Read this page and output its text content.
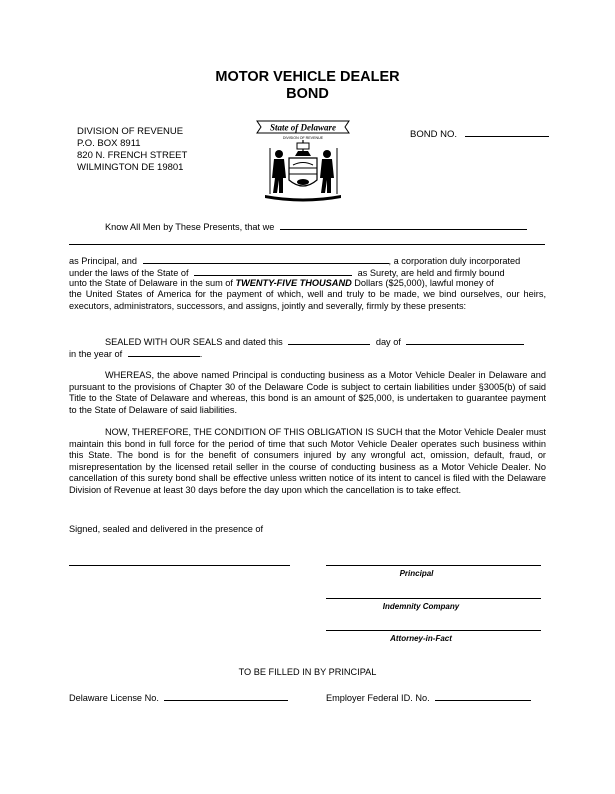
MOTOR VEHICLE DEALER
BOND
DIVISION OF REVENUE
P.O. BOX 8911
820 N. FRENCH STREET
WILMINGTON DE 19801
State of Delaware
DIVISION OF REVENUE	BOND NO.
Know All Men by These Presents, that we
as Principal, and	, a corporation duly incorporated
under the laws of the State of	as Surety, are held and firmly bound
unto the State of Delaware in the sum of TWENTY-FIVE THOUSAND Dollars ($25,000), lawful money of
the United States of America for the payment of which, well and truly to be made, we bind ourselves, our heirs, executors, administrators, successors, and assigns, jointly and severally, firmly by these presents:
SEALED WITH OUR SEALS and dated this	day of
in the year of	.
WHEREAS, the above named Principal is conducting business as a Motor Vehicle Dealer in Delaware and pursuant to the provisions of Chapter 30 of the Delaware Code is subject to certain liabilities under §3005(b) of said Title to the State of Delaware and whereas, this bond is an amount of $25,000, is undertaken to guarantee payment to the State of Delaware of said liabilities.
NOW, THEREFORE, THE CONDITION OF THIS OBLIGATION IS SUCH that the Motor Vehicle Dealer must maintain this bond in full force for the period of time that such Motor Vehicle Dealer operates such business within this State. The bond is for the benefit of consumers injured by any wrongful act, omission, default, fraud, or misrepresentation by the licensed retail seller in the course of conducting business as a Motor Vehicle Dealer. No cancellation of this surety bond shall be effective unless written notice of its intent to cancel is filed with the Delaware Division of Revenue at least 30 days before the day upon which the cancellation is to take effect.
Signed, sealed and delivered in the presence of
Principal
Indemnity Company
Attorney-in-Fact
TO BE FILLED IN BY PRINCIPAL
Delaware License No.	Employer Federal ID. No.
